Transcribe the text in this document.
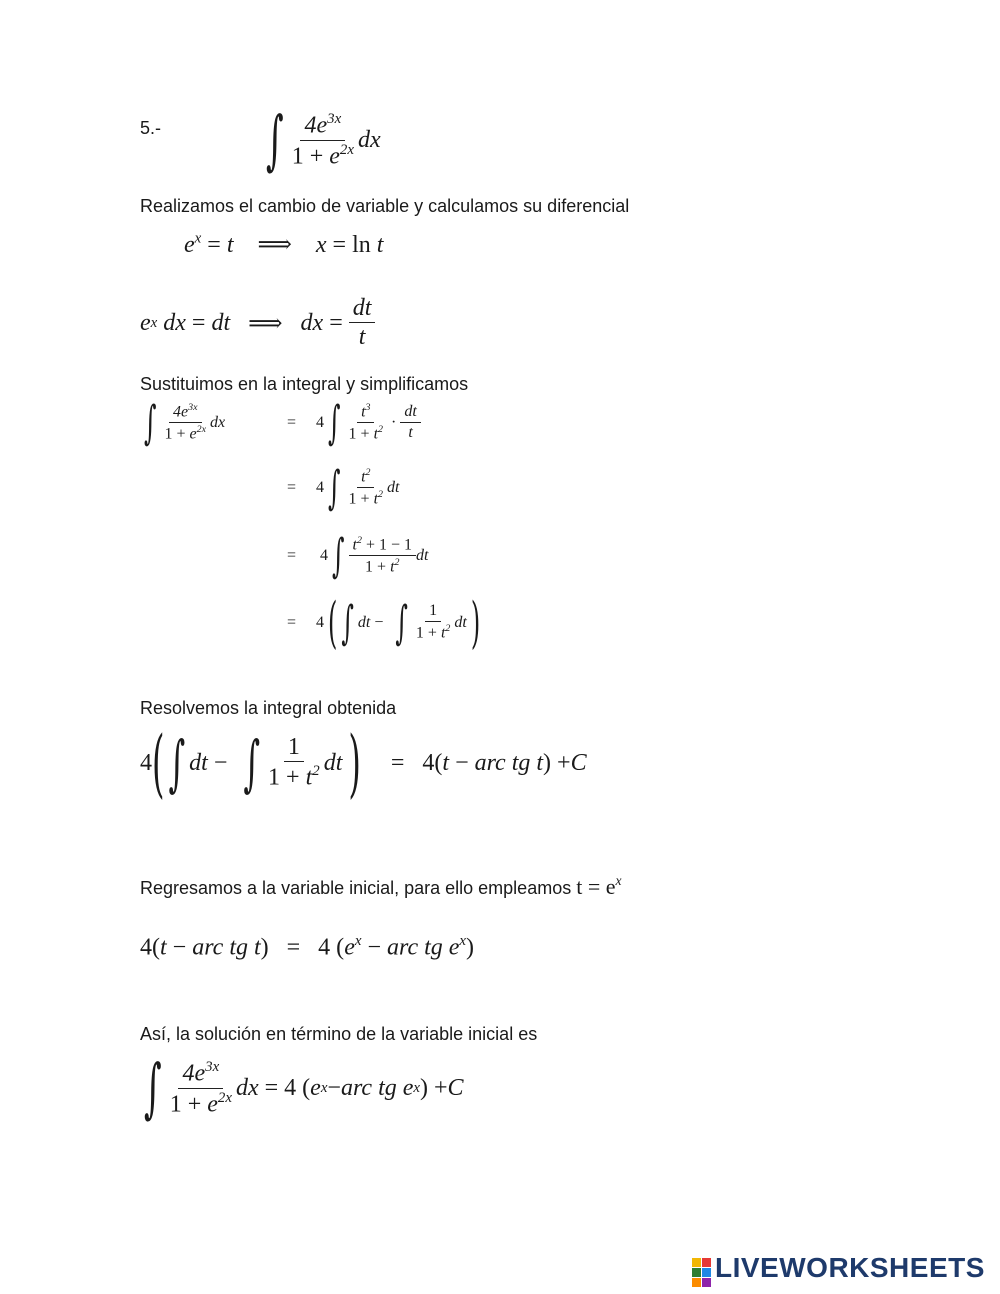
5.-	∫ $\frac{4e^{3x}}{1 + e^{2x}}$ dx
Realizamos el cambio de variable y calculamos su diferencial
$e^x = t$    ⟹    x = ln t
e x
dx = dt ⟹ dx = $\frac{dt}{t}$
Sustituimos en la integral y simplificamos
∫ $\frac{4e^{3x}}{1 + e^{2x}}$ dx	=     4 ∫ $\frac{t^3}{1 + t^2} \cdot \frac{dt}{t}$
=     4 ∫ $\frac{t^2}{1 + t^2}$ dt
=      4 ∫ $\frac{t^2 + 1 - 1}{1 + t^2}$ dt
=     4 ( ∫ dt − ∫ $\frac{1}{1 + t^2}$ dt
)
Resolvemos la integral obtenida
4 ( ∫ dt − ∫ $\frac{1}{1 + t^2}$ dt
) =   4( t − arc tg t ) + C
Regresamos a la variable inicial, para ello empleamos $t = e^x$
4(t − arc tg t)   =   4 ($e^x$ − arc tg $e^x$)
Así, la solución en término de la variable inicial es
∫ $\frac{4e^{3x}}{1 + e^{2x}}$ dx = 4 ( e x − arc tg e x ) + C
LIVEWORKSHEETS
